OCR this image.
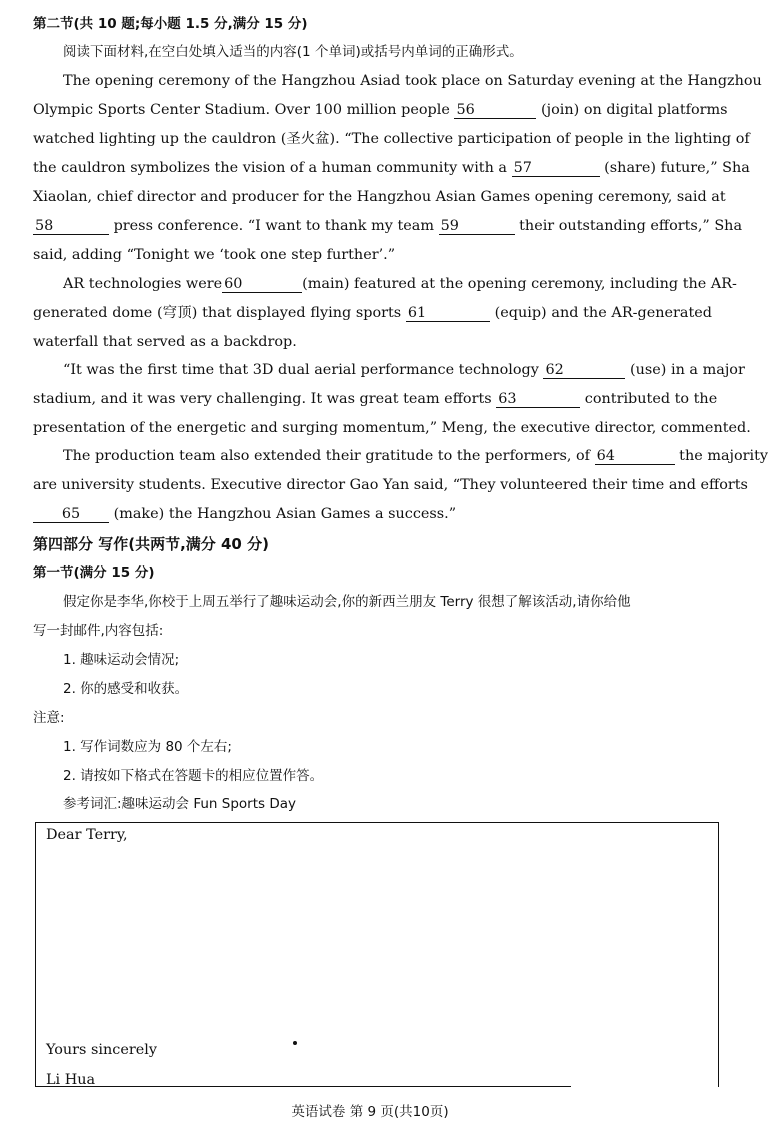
第二节(共 10 题;每小题 1.5 分,满分 15 分)
阅读下面材料,在空白处填入适当的内容(1 个单词)或括号内单词的正确形式。
The opening ceremony of the Hangzhou Asiad took place on Saturday evening at the Hangzhou
Olympic Sports Center Stadium. Over 100 million people 56	(join) on digital platforms
watched lighting up the cauldron (圣火盆). “The collective participation of people in the lighting of
the cauldron symbolizes the vision of a human community with a 57	(share) future,” Sha
Xiaolan, chief director and producer for the Hangzhou Asian Games opening ceremony, said at
58	press conference. “I want to thank my team 59	their outstanding efforts,” Sha
said, adding “Tonight we ‘took one step further’.”
AR technologies were 60	(main) featured at the opening ceremony, including the AR-
generated dome (穹顶) that displayed flying sports 61	(equip) and the AR-generated
waterfall that served as a backdrop.
“It was the first time that 3D dual aerial performance technology 62	(use) in a major
stadium, and it was very challenging. It was great team efforts 63	contributed to the
presentation of the energetic and surging momentum,” Meng, the executive director, commented.
The production team also extended their gratitude to the performers, of 64	the majority
are university students. Executive director Gao Yan said, “They volunteered their time and efforts
65 (make) the Hangzhou Asian Games a success.”
第四部分 写作(共两节,满分 40 分)
第一节(满分 15 分)
假定你是李华,你校于上周五举行了趣味运动会,你的新西兰朋友 Terry 很想了解该活动,请你给他
写一封邮件,内容包括:
1. 趣味运动会情况;
2. 你的感受和收获。
注意:
1. 写作词数应为 80 个左右;
2. 请按如下格式在答题卡的相应位置作答。
参考词汇:趣味运动会 Fun Sports Day
Dear Terry,
Yours sincerely
Li Hua
英语试卷 第 9 页(共10页)
